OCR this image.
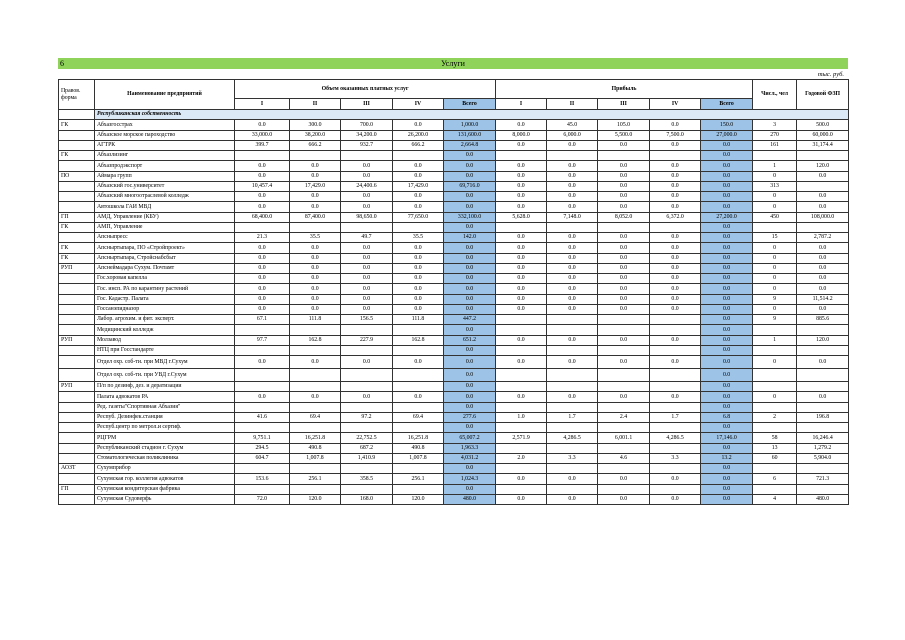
6	Услуги
тыс. руб.
Правов. форма	Наименование предприятий	Объем оказанных платных услуг					Прибыль					Числ., чел	Годовой ФЗП
		I	II	III	IV	Всего	I	II	III	IV	Всего		
	Республиканская собственность												
ГК	Абхазгосстрах	0.0	300.0	700.0	0.0	1,000.0	0.0	45.0	105.0	0.0	150.0	3	500.0
	Абхазское морское пароходство	33,000.0	38,200.0	34,200.0	26,200.0	131,600.0	8,000.0	6,000.0	5,500.0	7,500.0	27,000.0	270	60,000.0
	АГТРК	399.7	666.2	932.7	666.2	2,664.8	0.0	0.0	0.0	0.0	0.0	161	31,174.4
ГК	Абхазлизинг					0.0					0.0		
	Абхазпродэкспорт	0.0	0.0	0.0	0.0	0.0	0.0	0.0	0.0	0.0	0.0	1	120.0
ПО	Аймара групп	0.0	0.0	0.0	0.0	0.0	0.0	0.0	0.0	0.0	0.0	0	0.0
	Абхазский гос.университет	10,457.4	17,429.0	24,400.6	17,429.0	69,716.0	0.0	0.0	0.0	0.0	0.0	313	
	Абхазский многоотраслевой колледж	0.0	0.0	0.0	0.0	0.0	0.0	0.0	0.0	0.0	0.0	0	0.0
	Автошкола ГАИ МВД	0.0	0.0	0.0	0.0	0.0	0.0	0.0	0.0	0.0	0.0	0	0.0
ГП	АМД, Управление (КБУ)	68,400.0	87,400.0	98,650.0	77,650.0	332,100.0	5,628.0	7,148.0	8,052.0	6,372.0	27,200.0	450	108,000.0
ГК	АМП, Управление					0.0					0.0		
	Апсныпресс	21.3	35.5	49.7	35.5	142.0	0.0	0.0	0.0	0.0	0.0	15	2,787.2
ГК	Апсныртыпара, ПО «Стройпроект»	0.0	0.0	0.0	0.0	0.0	0.0	0.0	0.0	0.0	0.0	0	0.0
ГК	Апсныртыпара, Стройснабсбыт	0.0	0.0	0.0	0.0	0.0	0.0	0.0	0.0	0.0	0.0	0	0.0
РУП	Апснеймадара Сухум. Почтамт	0.0	0.0	0.0	0.0	0.0	0.0	0.0	0.0	0.0	0.0	0	0.0
	Гос.хоровая капелла	0.0	0.0	0.0	0.0	0.0	0.0	0.0	0.0	0.0	0.0	0	0.0
	Гос. инсп. РА по карантину растений	0.0	0.0	0.0	0.0	0.0	0.0	0.0	0.0	0.0	0.0	0	0.0
	Гос. Кадастр. Палата	0.0	0.0	0.0	0.0	0.0	0.0	0.0	0.0	0.0	0.0	9	11,514.2
	Госсанэпидназор	0.0	0.0	0.0	0.0	0.0	0.0	0.0	0.0	0.0	0.0	0	0.0
	Лабор. агрохим. и фит. эксперт.	67.1	111.8	156.5	111.8	447.2					0.0	9	885.6
	Медицинский колледж					0.0					0.0		
РУП	Молзавод	97.7	162.8	227.9	162.8	651.2	0.0	0.0	0.0	0.0	0.0	1	120.0
	НТЦ при Госстандарте					0.0					0.0		
	Отдел охр. соб-ти. при МВД г.Сухум	0.0	0.0	0.0	0.0	0.0	0.0	0.0	0.0	0.0	0.0	0	0.0
	Отдел охр. соб-ти. при УВД г.Сухум					0.0					0.0		
РУП	П/п по дезинф, дез. и дератизации					0.0					0.0		
	Палата адвокатов РА	0.0	0.0	0.0	0.0	0.0	0.0	0.0	0.0	0.0	0.0	0	0.0
	Ред. газеты"Спортивная Абхазия"					0.0					0.0		
	Респуб. Дезинфек.станция	41.6	69.4	97.2	69.4	277.6	1.0	1.7	2.4	1.7	6.8	2	196.8
	Респуб.центр по метрол.и сертиф.					0.0					0.0		
	РЦГРМ	9,751.1	16,251.8	22,752.5	16,251.8	65,007.2	2,571.9	4,286.5	6,001.1	4,286.5	17,146.0	58	16,246.4
	Республиканский стадион г. Сухум	294.5	490.8	687.2	490.8	1,963.3					0.0	13	1,279.2
	Стоматологическая поликлиника	604.7	1,007.8	1,410.9	1,007.8	4,031.2	2.0	3.3	4.6	3.3	13.2	60	5,904.0
АОЗТ	Сухумприбор					0.0					0.0		
	Сухумская гор. коллегия адвокатов	153.6	256.1	358.5	256.1	1,024.3	0.0	0.0	0.0	0.0	0.0	6	721.3
ГП	Сухумская кондитерская фабрика					0.0					0.0		
	Сухумская Судоверфь	72.0	120.0	168.0	120.0	480.0	0.0	0.0	0.0	0.0	0.0	4	480.0
